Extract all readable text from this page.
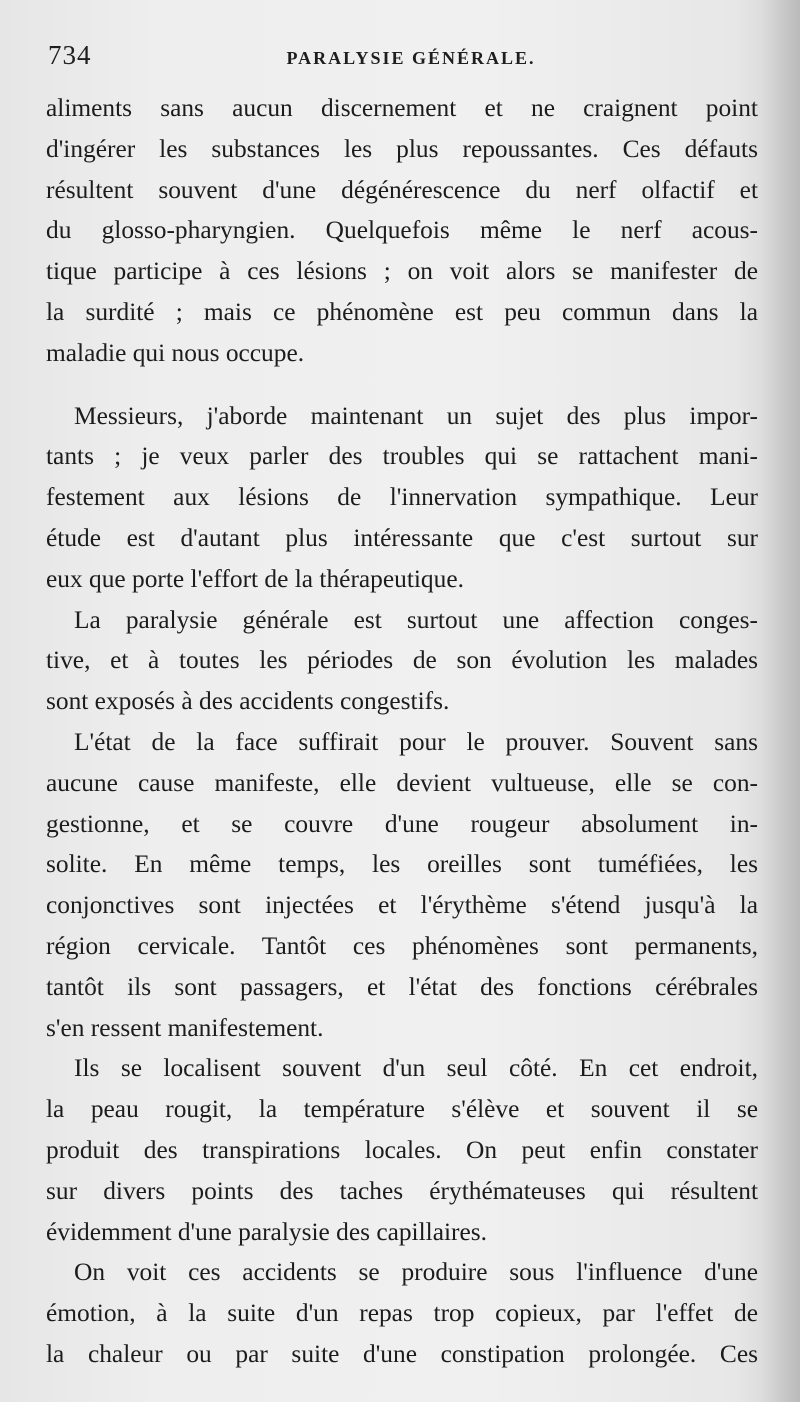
734	PARALYSIE GÉNÉRALE.
aliments sans aucun discernement et ne craignent point
d'ingérer les substances les plus repoussantes. Ces défauts
résultent souvent d'une dégénérescence du nerf olfactif et
du glosso-pharyngien. Quelquefois même le nerf acous-
tique participe à ces lésions ; on voit alors se manifester de
la surdité ; mais ce phénomène est peu commun dans la
maladie qui nous occupe.
Messieurs, j'aborde maintenant un sujet des plus impor-
tants ; je veux parler des troubles qui se rattachent mani-
festement aux lésions de l'innervation sympathique. Leur
étude est d'autant plus intéressante que c'est surtout sur
eux que porte l'effort de la thérapeutique.
La paralysie générale est surtout une affection conges-
tive, et à toutes les périodes de son évolution les malades
sont exposés à des accidents congestifs.
L'état de la face suffirait pour le prouver. Souvent sans
aucune cause manifeste, elle devient vultueuse, elle se con-
gestionne, et se couvre d'une rougeur absolument in-
solite. En même temps, les oreilles sont tuméfiées, les
conjonctives sont injectées et l'érythème s'étend jusqu'à la
région cervicale. Tantôt ces phénomènes sont permanents,
tantôt ils sont passagers, et l'état des fonctions cérébrales
s'en ressent manifestement.
Ils se localisent souvent d'un seul côté. En cet endroit,
la peau rougit, la température s'élève et souvent il se
produit des transpirations locales. On peut enfin constater
sur divers points des taches érythémateuses qui résultent
évidemment d'une paralysie des capillaires.
On voit ces accidents se produire sous l'influence d'une
émotion, à la suite d'un repas trop copieux, par l'effet de
la chaleur ou par suite d'une constipation prolongée. Ces
